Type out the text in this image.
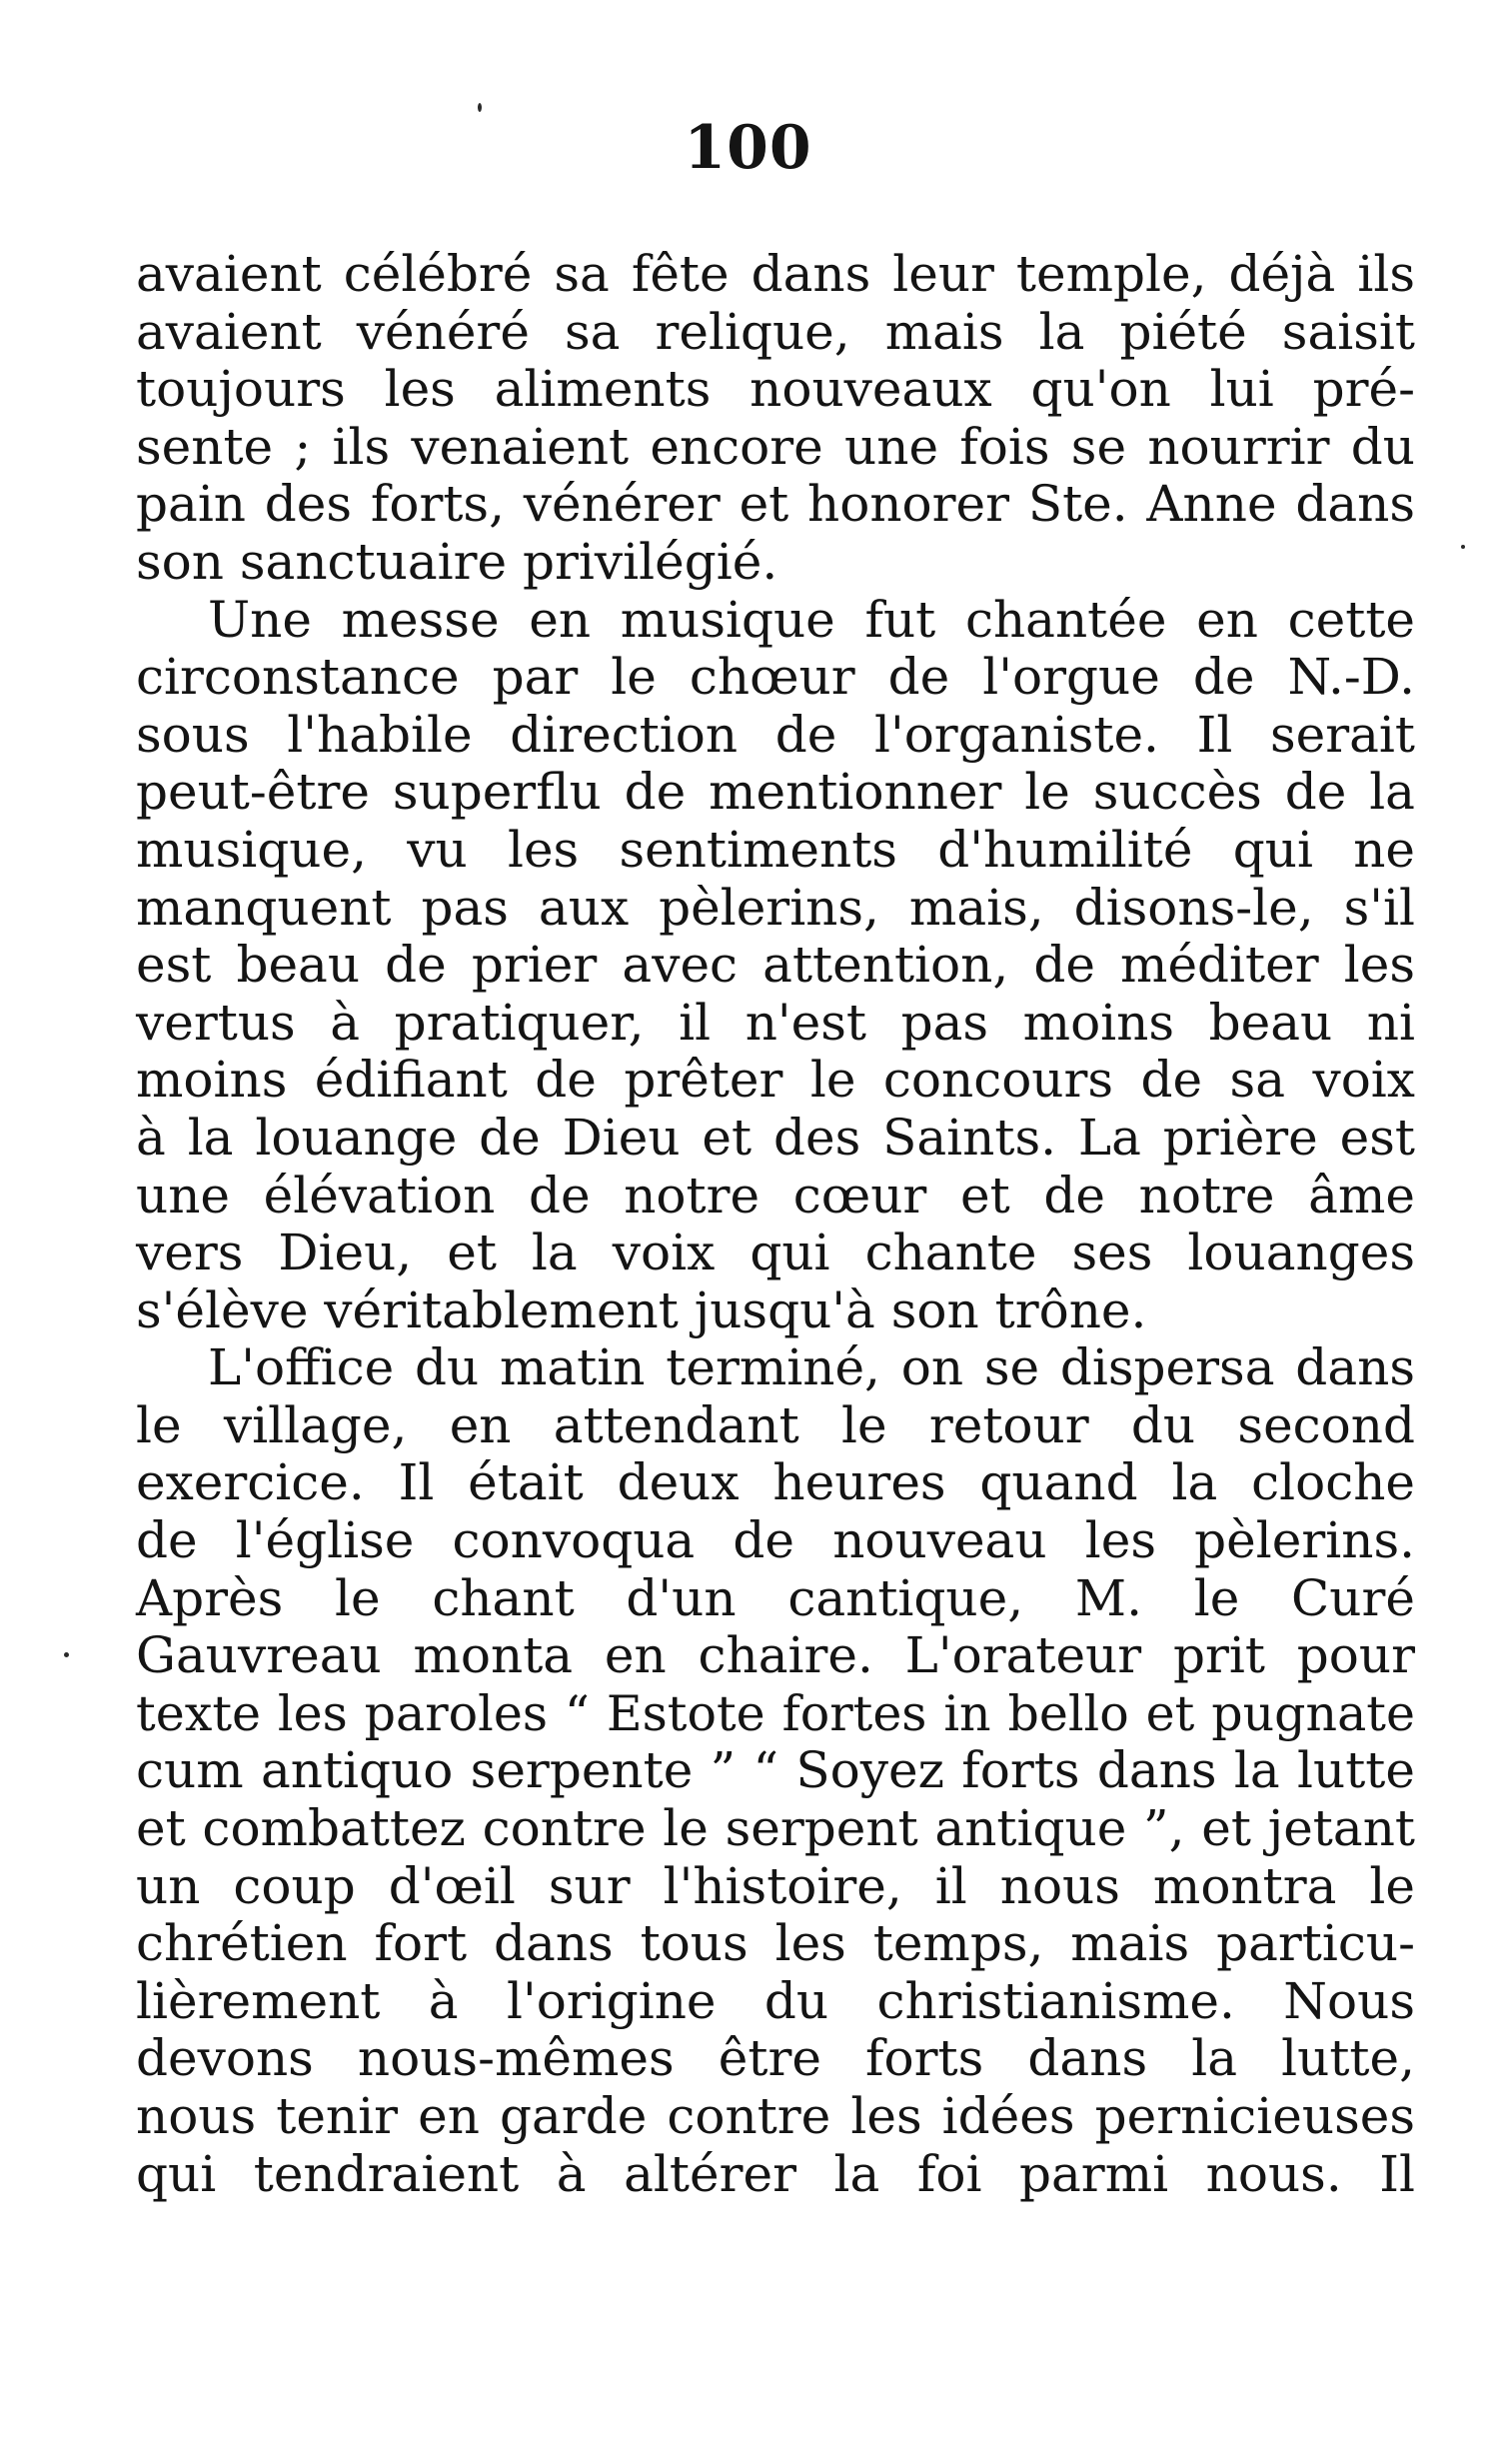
100
avaient célébré sa fête dans leur temple, déjà ils
avaient vénéré sa relique, mais la piété saisit
toujours les aliments nouveaux qu'on lui pré-
sente ; ils venaient encore une fois se nourrir du
pain des forts, vénérer et honorer Ste. Anne dans
son sanctuaire privilégié.
Une messe en musique fut chantée en cette
circonstance par le chœur de l'orgue de N.-D.
sous l'habile direction de l'organiste. Il serait
peut-être superflu de mentionner le succès de la
musique, vu les sentiments d'humilité qui ne
manquent pas aux pèlerins, mais, disons-le, s'il
est beau de prier avec attention, de méditer les
vertus à pratiquer, il n'est pas moins beau ni
moins édifiant de prêter le concours de sa voix
à la louange de Dieu et des Saints. La prière est
une élévation de notre cœur et de notre âme
vers Dieu, et la voix qui chante ses louanges
s'élève véritablement jusqu'à son trône.
L'office du matin terminé, on se dispersa dans
le village, en attendant le retour du second
exercice. Il était deux heures quand la cloche
de l'église convoqua de nouveau les pèlerins.
Après le chant d'un cantique, M. le Curé
Gauvreau monta en chaire. L'orateur prit pour
texte les paroles “ Estote fortes in bello et pugnate
cum antiquo serpente ” “ Soyez forts dans la lutte
et combattez contre le serpent antique ”, et jetant
un coup d'œil sur l'histoire, il nous montra le
chrétien fort dans tous les temps, mais particu-
lièrement à l'origine du christianisme. Nous
devons nous-mêmes être forts dans la lutte,
nous tenir en garde contre les idées pernicieuses
qui tendraient à altérer la foi parmi nous. Il
